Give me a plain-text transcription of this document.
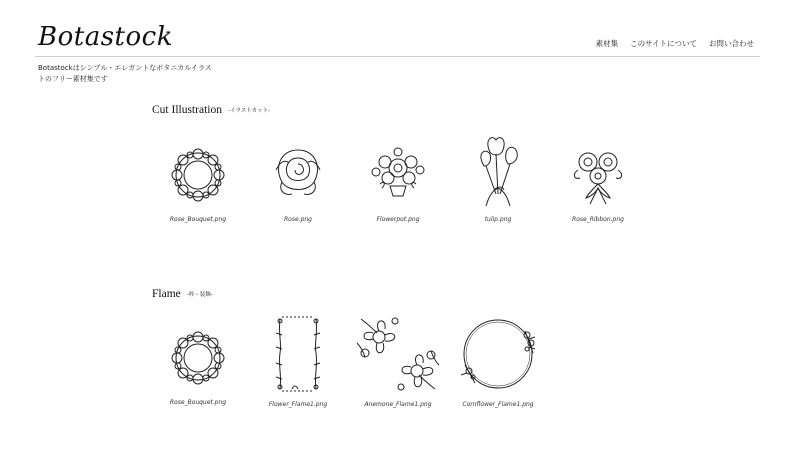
Botastock	素材集 このサイトについて お問い合わせ
Botastockはシンプル・エレガントなボタニカルイラストのフリー素材集です
Cut Illustration -イラストカット-
Rose_Bouquet.png	Rose.png	Flowerpot.png	tulip.png	Rose_Ribbon.png
Flame -枠・装飾-
Rose_Bouquet.png	Flower_Flame1.png	Anemone_Flame1.png	Cornflower_Flame1.png
